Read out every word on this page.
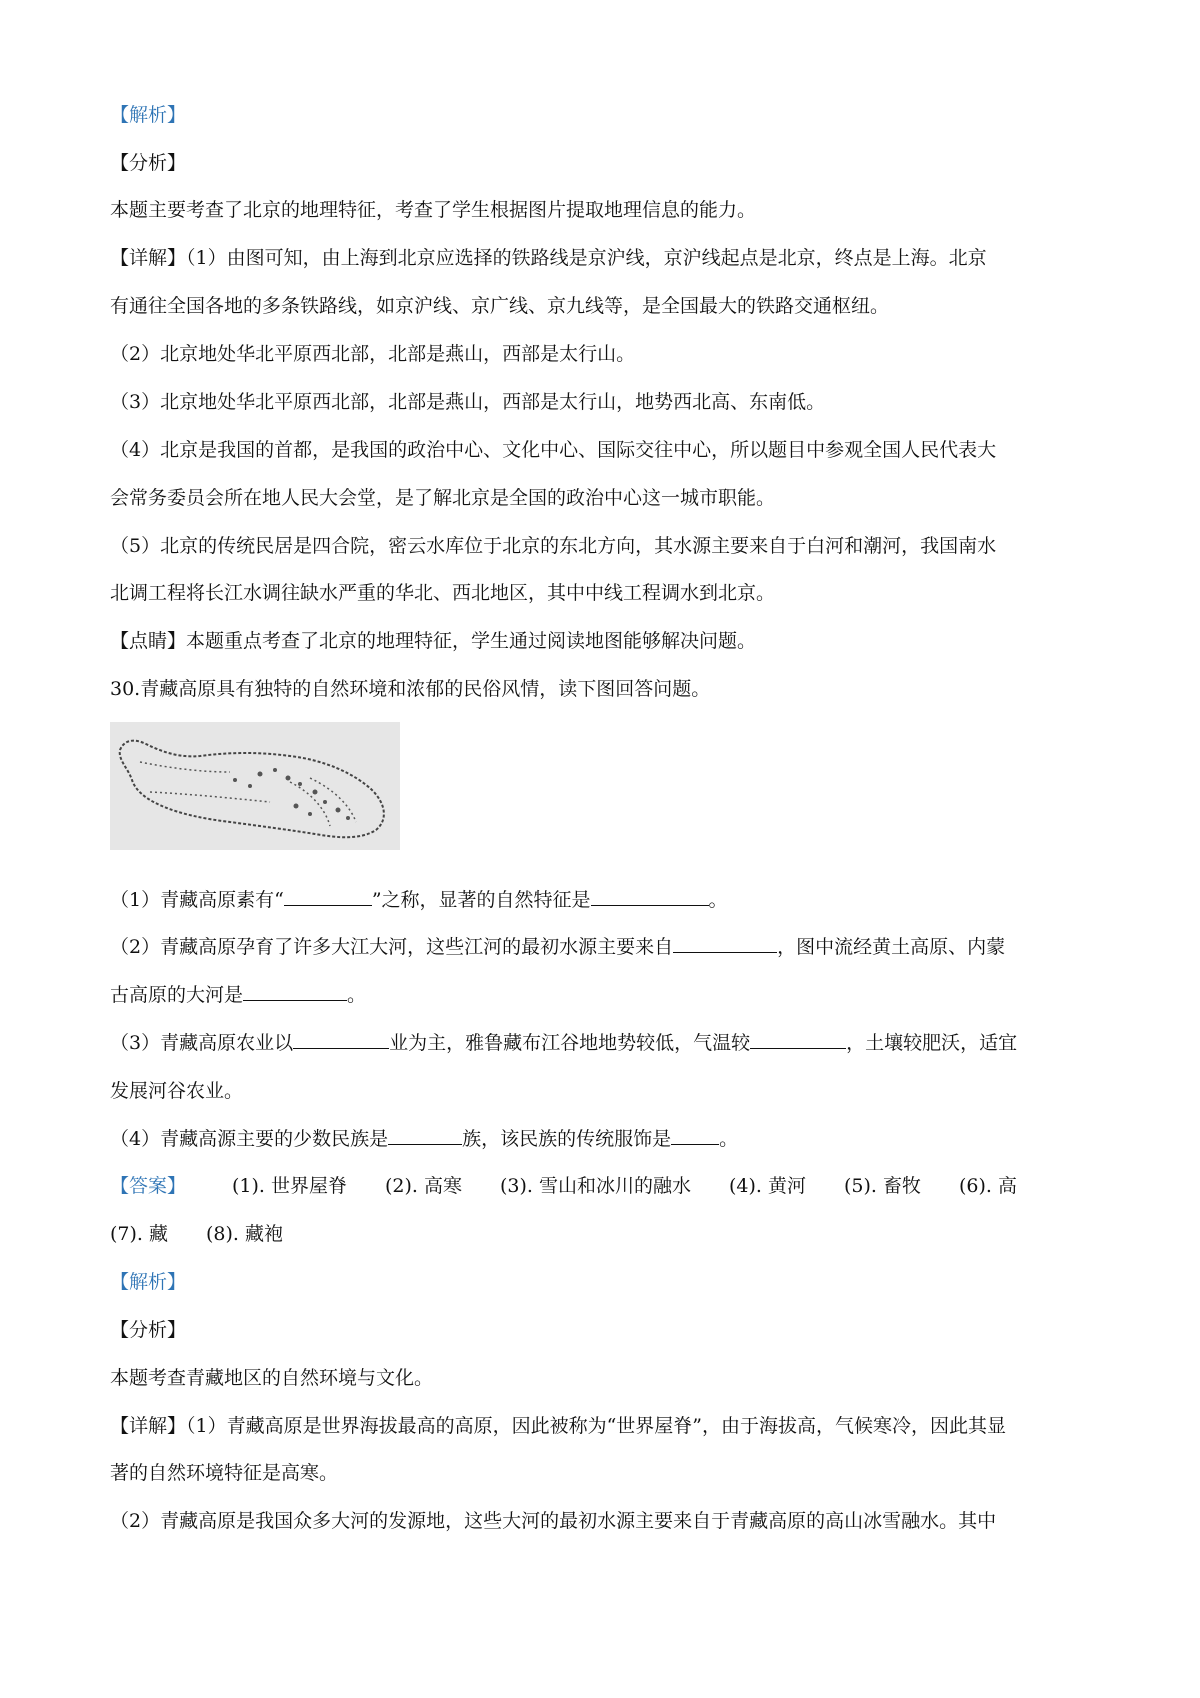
【解析】
【分析】
本题主要考查了北京的地理特征，考查了学生根据图片提取地理信息的能力。
【详解】（1）由图可知，由上海到北京应选择的铁路线是京沪线，京沪线起点是北京，终点是上海。北京
有通往全国各地的多条铁路线，如京沪线、京广线、京九线等，是全国最大的铁路交通枢纽。
（2）北京地处华北平原西北部，北部是燕山，西部是太行山。
（3）北京地处华北平原西北部，北部是燕山，西部是太行山，地势西北高、东南低。
（4）北京是我国的首都，是我国的政治中心、文化中心、国际交往中心，所以题目中参观全国人民代表大
会常务委员会所在地人民大会堂，是了解北京是全国的政治中心这一城市职能。
（5）北京的传统民居是四合院，密云水库位于北京的东北方向，其水源主要来自于白河和潮河，我国南水
北调工程将长江水调往缺水严重的华北、西北地区，其中中线工程调水到北京。
【点睛】本题重点考查了北京的地理特征，学生通过阅读地图能够解决问题。
30.青藏高原具有独特的自然环境和浓郁的民俗风情，读下图回答问题。
（1）青藏高原素有“	”之称，显著的自然特征是	。
（2）青藏高原孕育了许多大江大河，这些江河的最初水源主要来自	，图中流经黄土高原、内蒙
古高原的大河是	。
（3）青藏高原农业以	业为主，雅鲁藏布江谷地地势较低，气温较	，土壤较肥沃，适宜
发展河谷农业。
（4）青藏高源主要的少数民族是	族，该民族的传统服饰是	。
【答案】 (1). 世界屋脊 (2). 高寒 (3). 雪山和冰川的融水 (4). 黄河 (5). 畜牧 (6). 高
(7). 藏 (8). 藏袍
【解析】
【分析】
本题考查青藏地区的自然环境与文化。
【详解】（1）青藏高原是世界海拔最高的高原，因此被称为“世界屋脊”，由于海拔高，气候寒冷，因此其显
著的自然环境特征是高寒。
（2）青藏高原是我国众多大河的发源地，这些大河的最初水源主要来自于青藏高原的高山冰雪融水。其中
